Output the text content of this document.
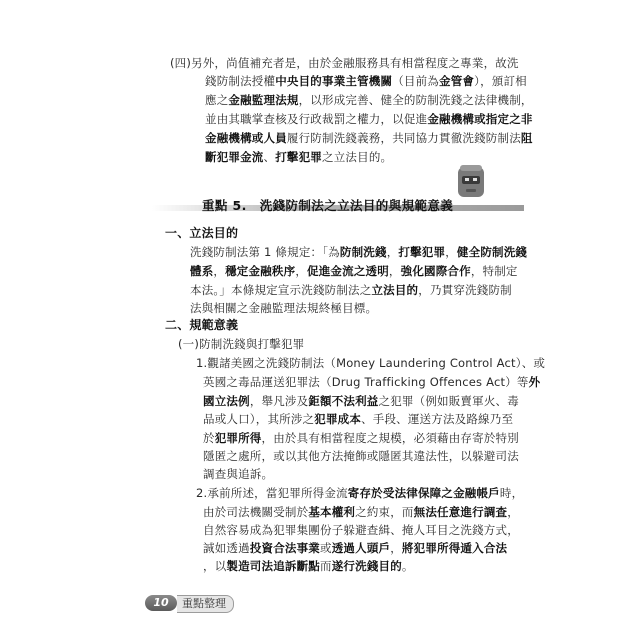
(四)另外，尚值補充者是，由於金融服務具有相當程度之專業，故洗
錢防制法授權中央目的事業主管機關（目前為金管會），頒訂相
應之金融監理法規，以形成完善、健全的防制洗錢之法律機制，
並由其職掌查核及行政裁罰之權力，以促進金融機構或指定之非
金融機構或人員履行防制洗錢義務，共同協力貫徹洗錢防制法阻
斷犯罪金流、打擊犯罪之立法目的。
重點 5.　洗錢防制法之立法目的與規範意義
一、立法目的
洗錢防制法第 1 條規定：「為防制洗錢，打擊犯罪，健全防制洗錢
體系，穩定金融秩序，促進金流之透明，強化國際合作，特制定
本法。」本條規定宣示洗錢防制法之立法目的，乃貫穿洗錢防制
法與相關之金融監理法規終極目標。
二、規範意義
(一)防制洗錢與打擊犯罪
1.觀諸美國之洗錢防制法（Money Laundering Control Act）、或
英國之毒品運送犯罪法（Drug Trafficking Offences Act）等外
國立法例，舉凡涉及鉅額不法利益之犯罪（例如販賣軍火、毒
品或人口），其所涉之犯罪成本、手段、運送方法及路線乃至
於犯罪所得，由於具有相當程度之規模，必須藉由存寄於特別
隱匿之處所，或以其他方法掩飾或隱匿其違法性，以躲避司法
調查與追訴。
2.承前所述，當犯罪所得金流寄存於受法律保障之金融帳戶時，
由於司法機關受制於基本權利之約束，而無法任意進行調查，
自然容易成為犯罪集團份子躲避查緝、掩人耳目之洗錢方式，
誠如透過投資合法事業或透過人頭戶，將犯罪所得遁入合法
，以製造司法追訴斷點而遂行洗錢目的。
10	重點整理
